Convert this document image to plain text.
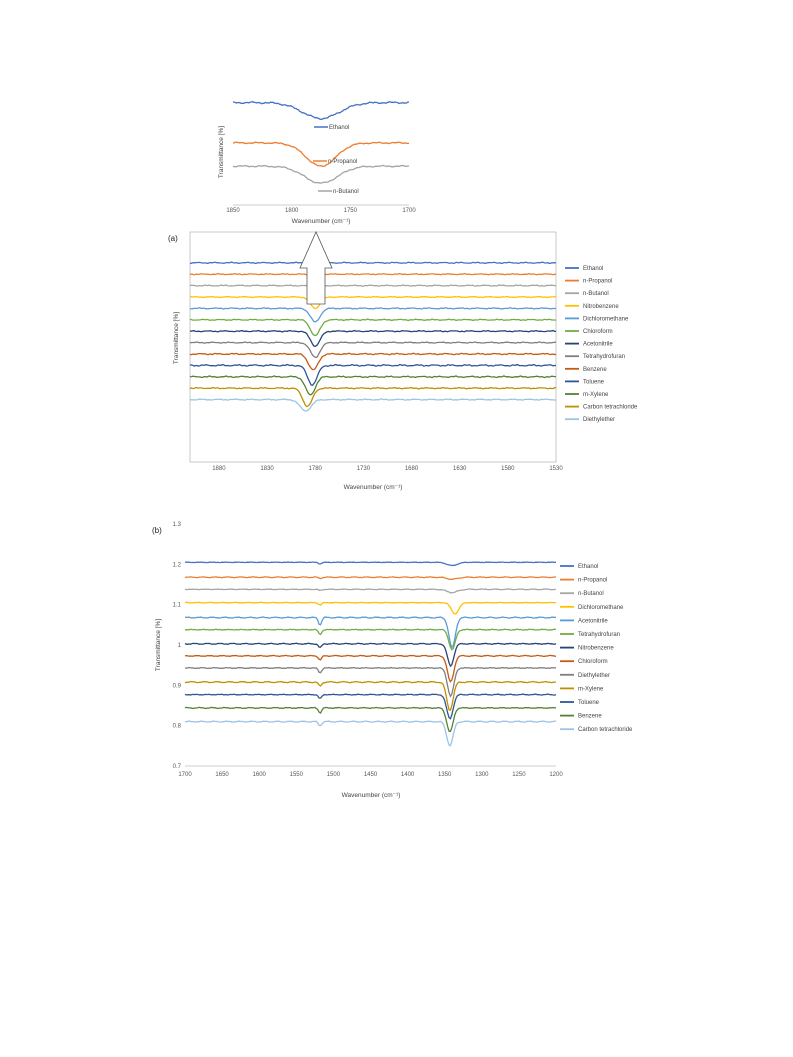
Transmittance [%]
1850	1800	1750	1700
Wavenumber (cm⁻¹)
Ethanol
n-Propanol
n-Butanol
(a)
Transmittance [%]
1880	1830	1780	1730	1680	1630	1580	1530
Wavenumber (cm⁻¹)
Ethanol
n-Propanol
n-Butanol
Nitrobenzene
Dichloromethane
Chloroform
Acetonitrile
Tetrahydrofuran
Benzene
Toluene
m-Xylene
Carbon tetrachloride
Diethylether
(b)
0.7
0.8
0.9
1
1.1
1.2
1.3
1700	1650	1600	1550	1500	1450	1400	1350	1300	1250	1200
Transmittance [%]
Wavenumber (cm⁻¹)
Ethanol
n-Propanol
n-Butanol
Dichloromethane
Acetonitrile
Tetrahydrofuran
Nitrobenzene
Chloroform
Diethylether
m-Xylene
Toluene
Benzene
Carbon tetrachloride
